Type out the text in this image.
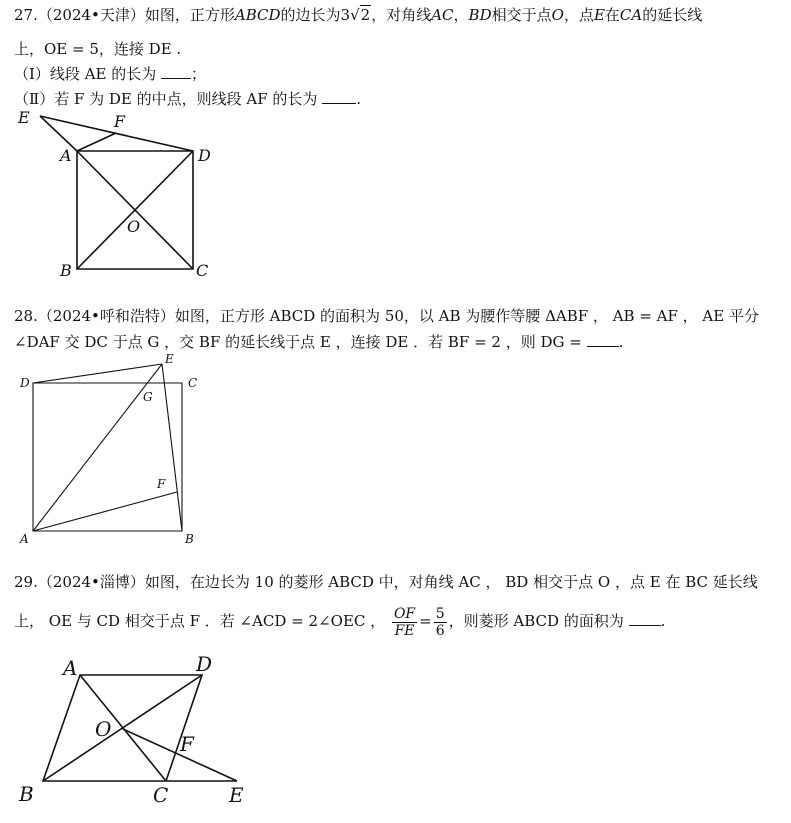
27.（2024•天津）如图，正方形ABCD的边长为3√2，对角线AC，BD相交于点O，点E在CA的延长线
上，OE = 5，连接 DE .
（Ⅰ）线段 AE 的长为 ；
（Ⅱ）若 F 为 DE 的中点，则线段 AF 的长为	.
E	F
A	D
O
B	C
28.（2024•呼和浩特）如图，正方形 ABCD 的面积为 50，以 AB 为腰作等腰 ΔABF ， AB = AF ， AE 平分
∠DAF 交 DC 于点 G ，交 BF 的延长线于点 E ，连接 DE ．若 BF = 2 ，则 DG = .
D
E
C
G
F
A	B
29.（2024•淄博）如图，在边长为 10 的菱形 ABCD 中，对角线 AC ， BD 相交于点 O ，点 E 在 BC 延长线
上， OE 与 CD 相交于点 F ．若 ∠ACD = 2∠OEC ， $\frac{OF}{FE} = \frac{5}{6}$ ，则菱形 ABCD 的面积为 .
A	D
O
F
B	C	E
